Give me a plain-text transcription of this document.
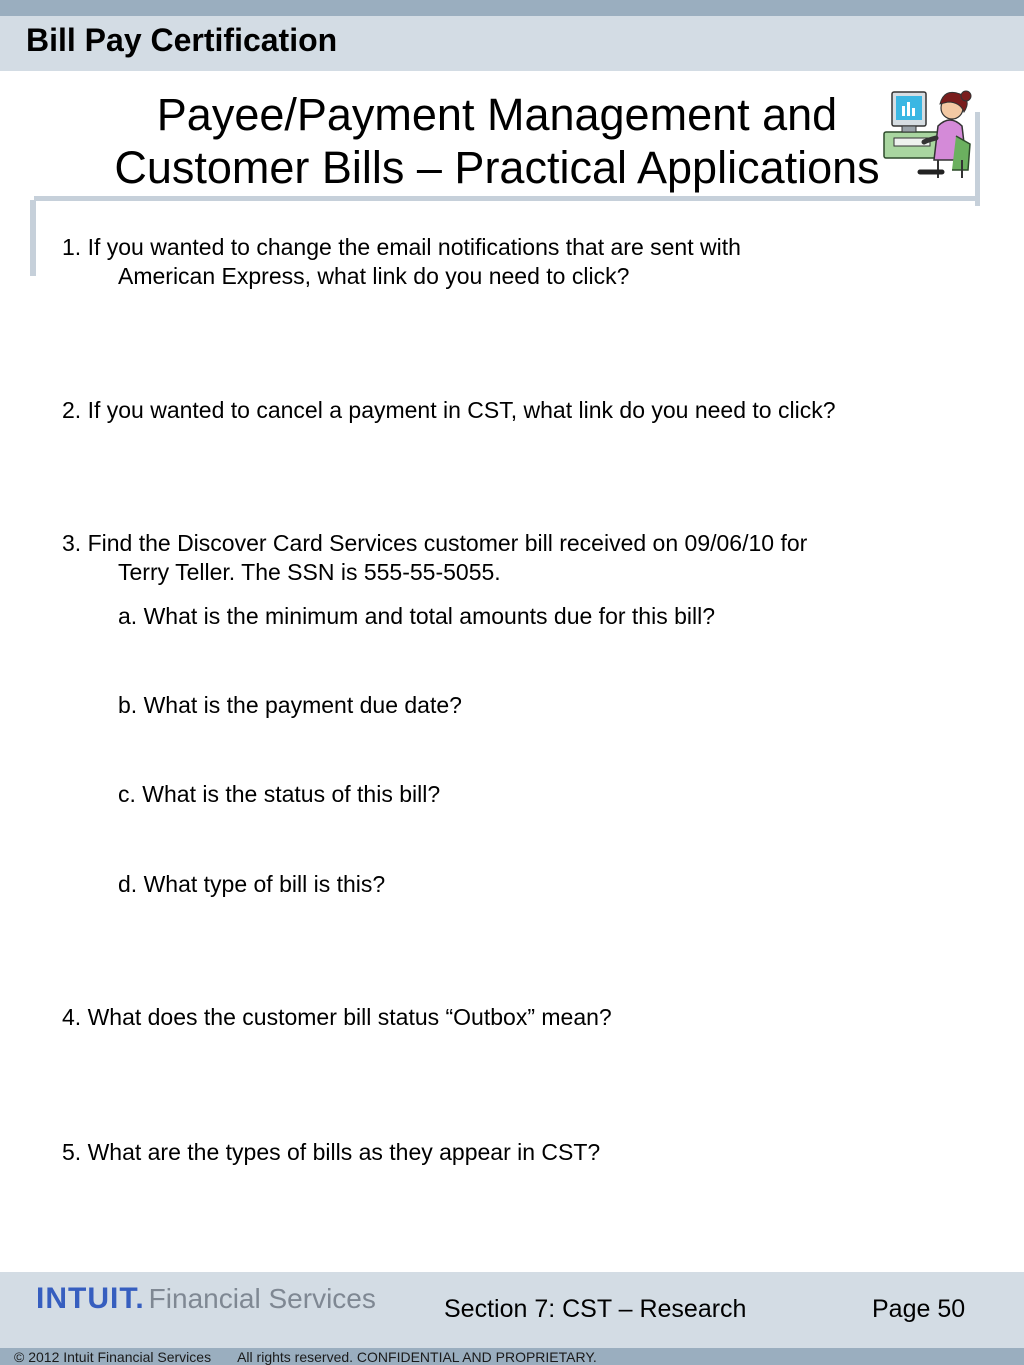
Bill Pay Certification
Payee/Payment Management and
Customer Bills – Practical Applications
1. If you wanted to change the email notifications that are sent with
American Express, what link do you need to click?
2. If you wanted to cancel a payment in CST, what link do you need to click?
3. Find the Discover Card Services customer bill received on 09/06/10 for
Terry Teller. The SSN is 555-55-5055.
a. What is the minimum and total amounts due for this bill?
b. What is the payment due date?
c. What is the status of this bill?
d. What type of bill is this?
4. What does the customer bill status “Outbox” mean?
5. What are the types of bills as they appear in CST?
INTUIT. Financial Services	Section 7: CST – Research	Page 50
© 2012 Intuit Financial Services All rights reserved. CONFIDENTIAL AND PROPRIETARY.
